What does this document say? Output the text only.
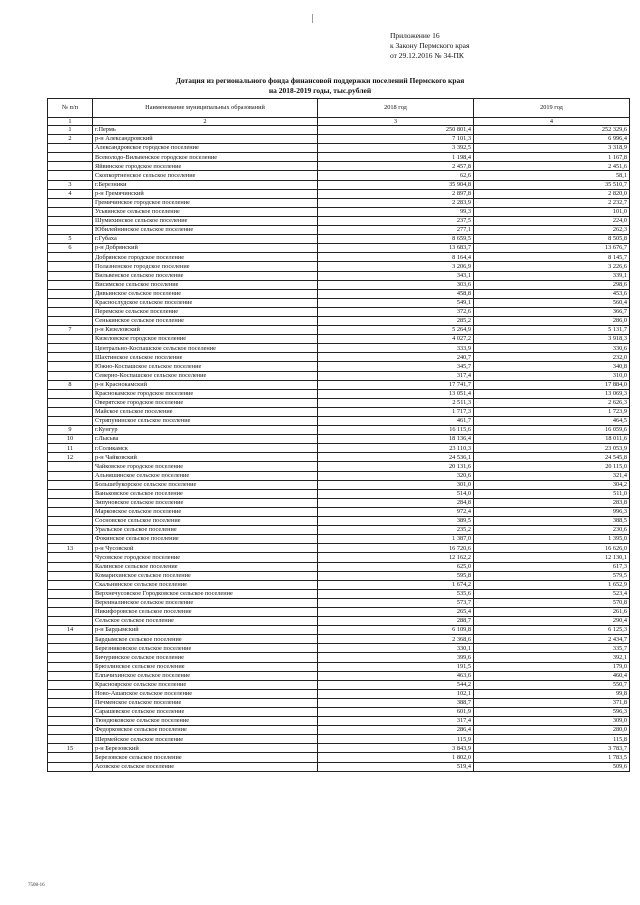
Приложение 16
к Закону Пермского края
от 29.12.2016 № 34-ПК
Дотация из регионального фонда финансовой поддержки поселений Пермского края
на 2018-2019 годы, тыс.рублей
№ п/п	Наименование муниципальных образований	2018 год	2019 год
1	2	3	4
1	г.Пермь	250 801,4	252 329,6
2	р-н Александровский	7 101,3	6 996,4
	Александровское городское поселение	3 392,5	3 318,9
	Всеволодо-Вильвенское городское поселение	1 198,4	1 167,8
	Яйвинское городское поселение	2 457,8	2 451,6
	Скопкортненское сельское поселение	62,6	58,1
3	г.Березники	35 904,8	35 510,7
4	р-н Гремячинский	2 897,8	2 820,0
	Гремячинское городское поселение	2 283,9	2 232,7
	Усьвинское сельское поселение	99,3	101,0
	Шумихинское сельское поселение	237,5	224,0
	Юбилейнинское сельское поселение	277,1	262,3
5	г.Губаха	8 659,5	8 505,8
6	р-н Добрянский	13 683,7	13 676,7
	Добрянское городское поселение	8 164,4	8 145,7
	Полазненское городское поселение	3 206,9	3 226,6
	Вильвенское сельское поселение	343,1	339,1
	Висимское сельское поселение	303,6	298,6
	Дивьинское сельское поселение	458,8	453,6
	Краснослудское сельское поселение	549,1	560,4
	Перемское сельское поселение	372,6	366,7
	Сенькинское сельское поселение	285,2	286,0
7	р-н Кизеловский	5 264,9	5 131,7
	Кизеловское городское поселение	4 027,2	3 918,3
	Центрально-Коспашское сельское поселение	333,9	330,6
	Шахтинское сельское поселение	240,7	232,0
	Южно-Коспашское сельское поселение	345,7	340,8
	Северно-Коспашское сельское поселение	317,4	310,0
8	р-н Краснокамский	17 741,7	17 884,0
	Краснокамское городское поселение	13 051,4	13 069,3
	Оверятское городское поселение	2 511,3	2 626,3
	Майское сельское поселение	1 717,3	1 723,9
	Стряпунинское сельское поселение	461,7	464,5
9	г.Кунгур	16 115,6	16 059,6
10	г.Лысьва	18 136,4	18 011,6
11	г.Соликамск	23 110,3	23 053,9
12	р-н Чайковский	24 536,1	24 545,8
	Чайковское городское поселение	20 131,6	20 115,0
	Альняшинское сельское поселение	320,6	321,4
	Большебукорское сельское поселение	301,0	304,2
	Ваньковское сельское поселение	514,0	511,0
	Зипуновское сельское поселение	284,8	283,8
	Марковское сельское поселение	972,4	996,3
	Сосновское сельское поселение	389,5	388,5
	Уральское сельское поселение	235,2	230,6
	Фокинское сельское поселение	1 387,0	1 395,0
13	р-н Чусовской	16 720,6	16 626,0
	Чусовское городское поселение	12 162,2	12 130,1
	Калинское сельское поселение	625,0	617,3
	Комарихинское сельское поселение	595,8	579,5
	Скальнинское сельское поселение	1 674,2	1 652,9
	Верхнечусовское Городковское сельское поселение	535,6	523,4
	Вереиналинское сельское поселение	573,7	570,8
	Никифоровское сельское поселение	265,4	261,6
	Сельское сельское поселение	288,7	290,4
14	р-н Бардымский	6 109,8	6 125,3
	Бардымское сельское поселение	2 368,6	2 434,7
	Березниковское сельское поселение	330,1	335,7
	Бичуринское сельское поселение	399,6	392,1
	Брюзлинское сельское поселение	191,5	179,0
	Елпачихинское сельское поселение	463,6	460,4
	Красноярское сельское поселение	544,2	550,7
	Ново-Ашапское сельское поселение	102,1	99,8
	Печменское сельское поселение	388,7	371,8
	Сарашевское сельское поселение	601,9	596,3
	Тюндюковское сельское поселение	317,4	309,0
	Федорковское сельское поселение	286,4	280,0
	Шермейское сельское поселение	115,9	115,8
15	р-н Березовский	3 843,9	3 783,7
	Березовское сельское поселение	1 802,0	1 783,5
	Асовское сельское поселение	519,4	509,6
7508-16
